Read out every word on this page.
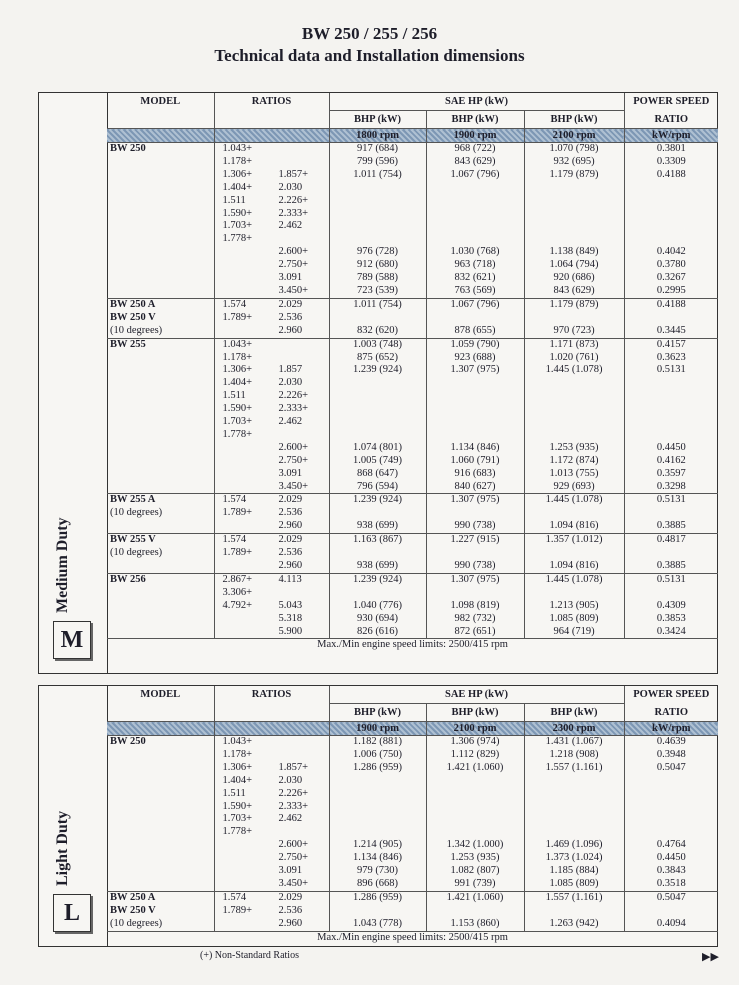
BW 250 / 255 / 256
Technical data and Installation dimensions
Medium Duty
M
MODEL	RATIOS	SAE HP (kW)			POWER SPEED
		BHP (kW)	BHP (kW)	BHP (kW)	RATIO
		1800 rpm	1900 rpm	2100 rpm	kW/rpm
BW 250	1.043+	917 (684)	968 (722)	1.070 (798)	0.3801
	1.178+	799 (596)	843 (629)	932 (695)	0.3309
	1.306+ 1.857+	1.011 (754)	1.067 (796)	1.179 (879)	0.4188
	1.404+ 2.030				
	1.511 2.226+				
	1.590+ 2.333+				
	1.703+ 2.462				
	1.778+				
	2.600+	976 (728)	1.030 (768)	1.138 (849)	0.4042
	2.750+	912 (680)	963 (718)	1.064 (794)	0.3780
	3.091	789 (588)	832 (621)	920 (686)	0.3267
	3.450+	723 (539)	763 (569)	843 (629)	0.2995
BW 250 A	1.574 2.029	1.011 (754)	1.067 (796)	1.179 (879)	0.4188
BW 250 V	1.789+ 2.536				
(10 degrees)	2.960	832 (620)	878 (655)	970 (723)	0.3445
BW 255	1.043+	1.003 (748)	1.059 (790)	1.171 (873)	0.4157
	1.178+	875 (652)	923 (688)	1.020 (761)	0.3623
	1.306+ 1.857	1.239 (924)	1.307 (975)	1.445 (1.078)	0.5131
	1.404+ 2.030				
	1.511 2.226+				
	1.590+ 2.333+				
	1.703+ 2.462				
	1.778+				
	2.600+	1.074 (801)	1.134 (846)	1.253 (935)	0.4450
	2.750+	1.005 (749)	1.060 (791)	1.172 (874)	0.4162
	3.091	868 (647)	916 (683)	1.013 (755)	0.3597
	3.450+	796 (594)	840 (627)	929 (693)	0.3298
BW 255 A	1.574 2.029	1.239 (924)	1.307 (975)	1.445 (1.078)	0.5131
(10 degrees)	1.789+ 2.536				
	2.960	938 (699)	990 (738)	1.094 (816)	0.3885
BW 255 V	1.574 2.029	1.163 (867)	1.227 (915)	1.357 (1.012)	0.4817
(10 degrees)	1.789+ 2.536				
	2.960	938 (699)	990 (738)	1.094 (816)	0.3885
BW 256	2.867+ 4.113	1.239 (924)	1.307 (975)	1.445 (1.078)	0.5131
	3.306+				
	4.792+ 5.043	1.040 (776)	1.098 (819)	1.213 (905)	0.4309
	5.318	930 (694)	982 (732)	1.085 (809)	0.3853
	5.900	826 (616)	872 (651)	964 (719)	0.3424
Max./Min engine speed limits: 2500/415 rpm					
Light Duty
L
MODEL	RATIOS	SAE HP (kW)			POWER SPEED
		BHP (kW)	BHP (kW)	BHP (kW)	RATIO
		1900 rpm	2100 rpm	2300 rpm	kW/rpm
BW 250	1.043+	1.182 (881)	1.306 (974)	1.431 (1.067)	0.4639
	1.178+	1.006 (750)	1.112 (829)	1.218 (908)	0.3948
	1.306+ 1.857+	1.286 (959)	1.421 (1.060)	1.557 (1.161)	0.5047
	1.404+ 2.030				
	1.511 2.226+				
	1.590+ 2.333+				
	1.703+ 2.462				
	1.778+				
	2.600+	1.214 (905)	1.342 (1.000)	1.469 (1.096)	0.4764
	2.750+	1.134 (846)	1.253 (935)	1.373 (1.024)	0.4450
	3.091	979 (730)	1.082 (807)	1.185 (884)	0.3843
	3.450+	896 (668)	991 (739)	1.085 (809)	0.3518
BW 250 A	1.574 2.029	1.286 (959)	1.421 (1.060)	1.557 (1.161)	0.5047
BW 250 V	1.789+ 2.536				
(10 degrees)	2.960	1.043 (778)	1.153 (860)	1.263 (942)	0.4094
Max./Min engine speed limits: 2500/415 rpm					
(+) Non-Standard Ratios	▶▶
